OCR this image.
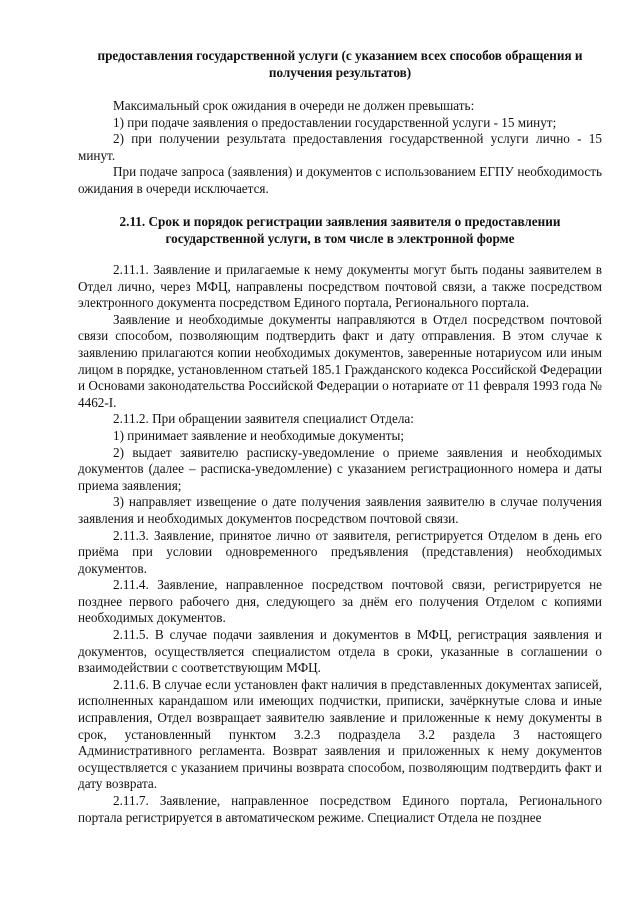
предоставления государственной услуги (с указанием всех способов обращения и получения результатов)
Максимальный срок ожидания в очереди не должен превышать:
1) при подаче заявления о предоставлении государственной услуги - 15 минут;
2) при получении результата предоставления государственной услуги лично - 15 минут.
При подаче запроса (заявления) и документов с использованием ЕГПУ необходимость ожидания в очереди исключается.
2.11. Срок и порядок регистрации заявления заявителя о предоставлении государственной услуги, в том числе в электронной форме
2.11.1. Заявление и прилагаемые к нему документы могут быть поданы заявителем в Отдел лично, через МФЦ, направлены посредством почтовой связи, а также посредством электронного документа посредством Единого портала, Регионального портала.
Заявление и необходимые документы направляются в Отдел посредством почтовой связи способом, позволяющим подтвердить факт и дату отправления. В этом случае к заявлению прилагаются копии необходимых документов, заверенные нотариусом или иным лицом в порядке, установленном статьей 185.1 Гражданского кодекса Российской Федерации и Основами законодательства Российской Федерации о нотариате от 11 февраля 1993 года № 4462-I.
2.11.2. При обращении заявителя специалист Отдела:
1) принимает заявление и необходимые документы;
2) выдает заявителю расписку-уведомление о приеме заявления и необходимых документов (далее – расписка-уведомление) с указанием регистрационного номера и даты приема заявления;
3) направляет извещение о дате получения заявления заявителю в случае получения заявления и необходимых документов посредством почтовой связи.
2.11.3. Заявление, принятое лично от заявителя, регистрируется Отделом в день его приёма при условии одновременного предъявления (представления) необходимых документов.
2.11.4. Заявление, направленное посредством почтовой связи, регистрируется не позднее первого рабочего дня, следующего за днём его получения Отделом с копиями необходимых документов.
2.11.5. В случае подачи заявления и документов в МФЦ, регистрация заявления и документов, осуществляется специалистом отдела в сроки, указанные в соглашении о взаимодействии с соответствующим МФЦ.
2.11.6. В случае если установлен факт наличия в представленных документах записей, исполненных карандашом или имеющих подчистки, приписки, зачёркнутые слова и иные исправления, Отдел возвращает заявителю заявление и приложенные к нему документы в срок, установленный пунктом 3.2.3 подраздела 3.2 раздела 3 настоящего Административного регламента. Возврат заявления и приложенных к нему документов осуществляется с указанием причины возврата способом, позволяющим подтвердить факт и дату возврата.
2.11.7. Заявление, направленное посредством Единого портала, Регионального портала регистрируется в автоматическом режиме. Специалист Отдела не позднее
